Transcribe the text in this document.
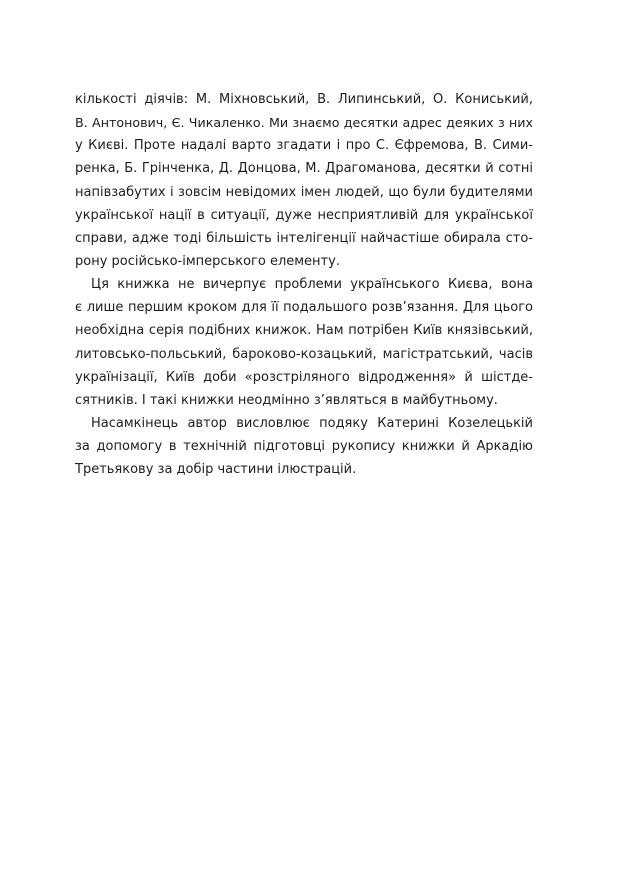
кількості діячів: М. Міхновський, В. Липинський, О. Кониський,
В. Антонович, Є. Чикаленко. Ми знаємо десятки адрес деяких з них
у Києві. Проте надалі варто згадати і про С. Єфремова, В. Сими-
ренка, Б. Грінченка, Д. Донцова, М. Драгоманова, десятки й сотні
напівзабутих і зовсім невідомих імен людей, що були будителями
української нації в ситуації, дуже несприятливій для української
справи, адже тоді більшість інтелігенції найчастіше обирала сто-
рону російсько-імперського елементу.
Ця книжка не вичерпує проблеми українського Києва, вона
є лише першим кроком для її подальшого розв’язання. Для цього
необхідна серія подібних книжок. Нам потрібен Київ князівський,
литовсько-польський, бароково-козацький, магістратський, часів
українізації, Київ доби «розстріляного відродження» й шістде-
сятників. І такі книжки неодмінно з’являться в майбутньому.
Насамкінець автор висловлює подяку Катерині Козелецькій
за допомогу в технічній підготовці рукопису книжки й Аркадію
Третьякову за добір частини ілюстрацій.
